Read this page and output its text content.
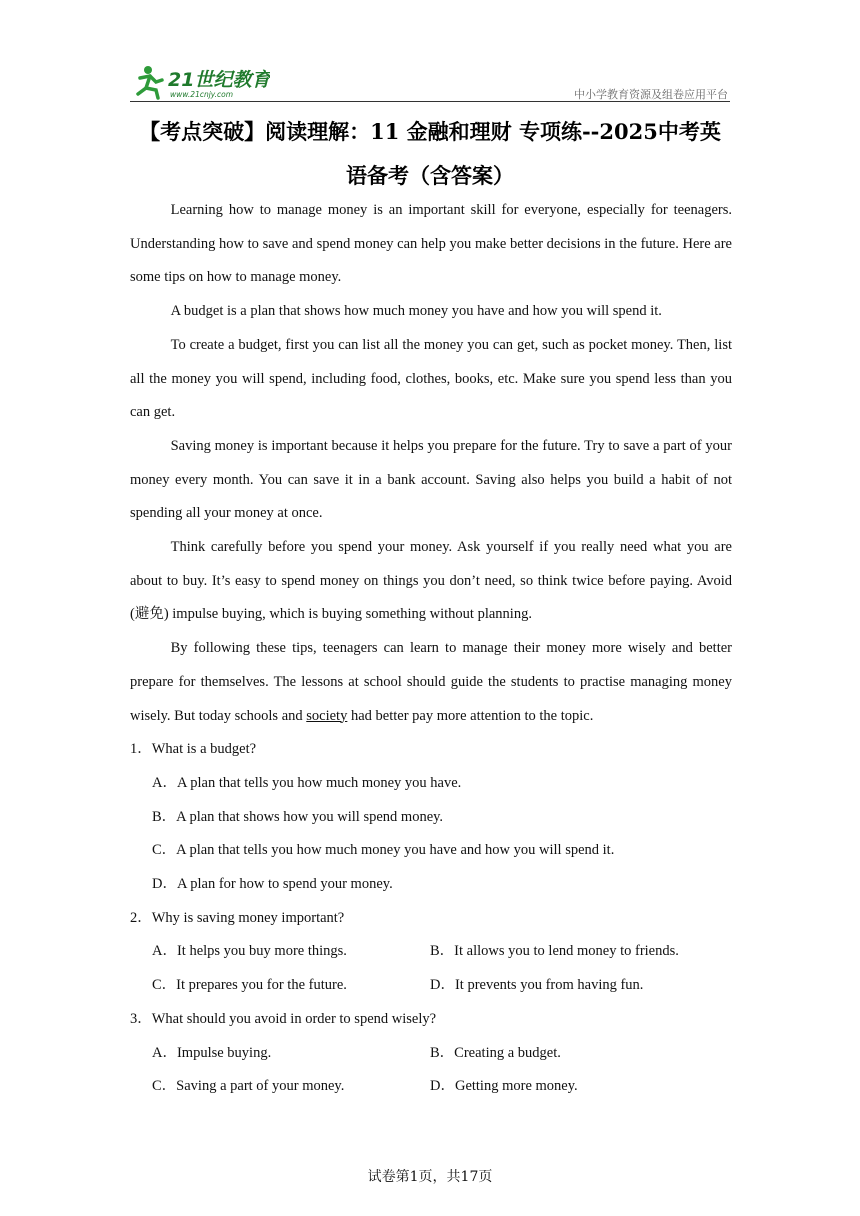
21世纪教育
www.21cnjy.com	中小学教育资源及组卷应用平台
【考点突破】阅读理解：11 金融和理财 专项练--2025中考英
语备考（含答案）

Learning how to manage money is an important skill for everyone, especially for teenagers. Understanding how to save and spend money can help you make better decisions in the future. Here are some tips on how to manage money.

A budget is a plan that shows how much money you have and how you will spend it.

To create a budget, first you can list all the money you can get, such as pocket money. Then, list all the money you will spend, including food, clothes, books, etc. Make sure you spend less than you can get.

Saving money is important because it helps you prepare for the future. Try to save a part of your money every month. You can save it in a bank account. Saving also helps you build a habit of not spending all your money at once.

Think carefully before you spend your money. Ask yourself if you really need what you are about to buy. It’s easy to spend money on things you don’t need, so think twice before paying. Avoid (避免) impulse buying, which is buying something without planning.

By following these tips, teenagers can learn to manage their money more wisely and better prepare for themselves. The lessons at school should guide the students to practise managing money wisely. But today schools and society had better pay more attention to the topic.

1．What is a budget?

A．A plan that tells you how much money you have.

B．A plan that shows how you will spend money.

C．A plan that tells you how much money you have and how you will spend it.

D．A plan for how to spend your money.

2．Why is saving money important?

A．It helps you buy more things.	B．It allows you to lend money to friends.
C．It prepares you for the future.	D．It prevents you from having fun.

3．What should you avoid in order to spend wisely?

A．Impulse buying.	B．Creating a budget.
C．Saving a part of your money.	D．Getting more money.
试卷第1页，共17页
